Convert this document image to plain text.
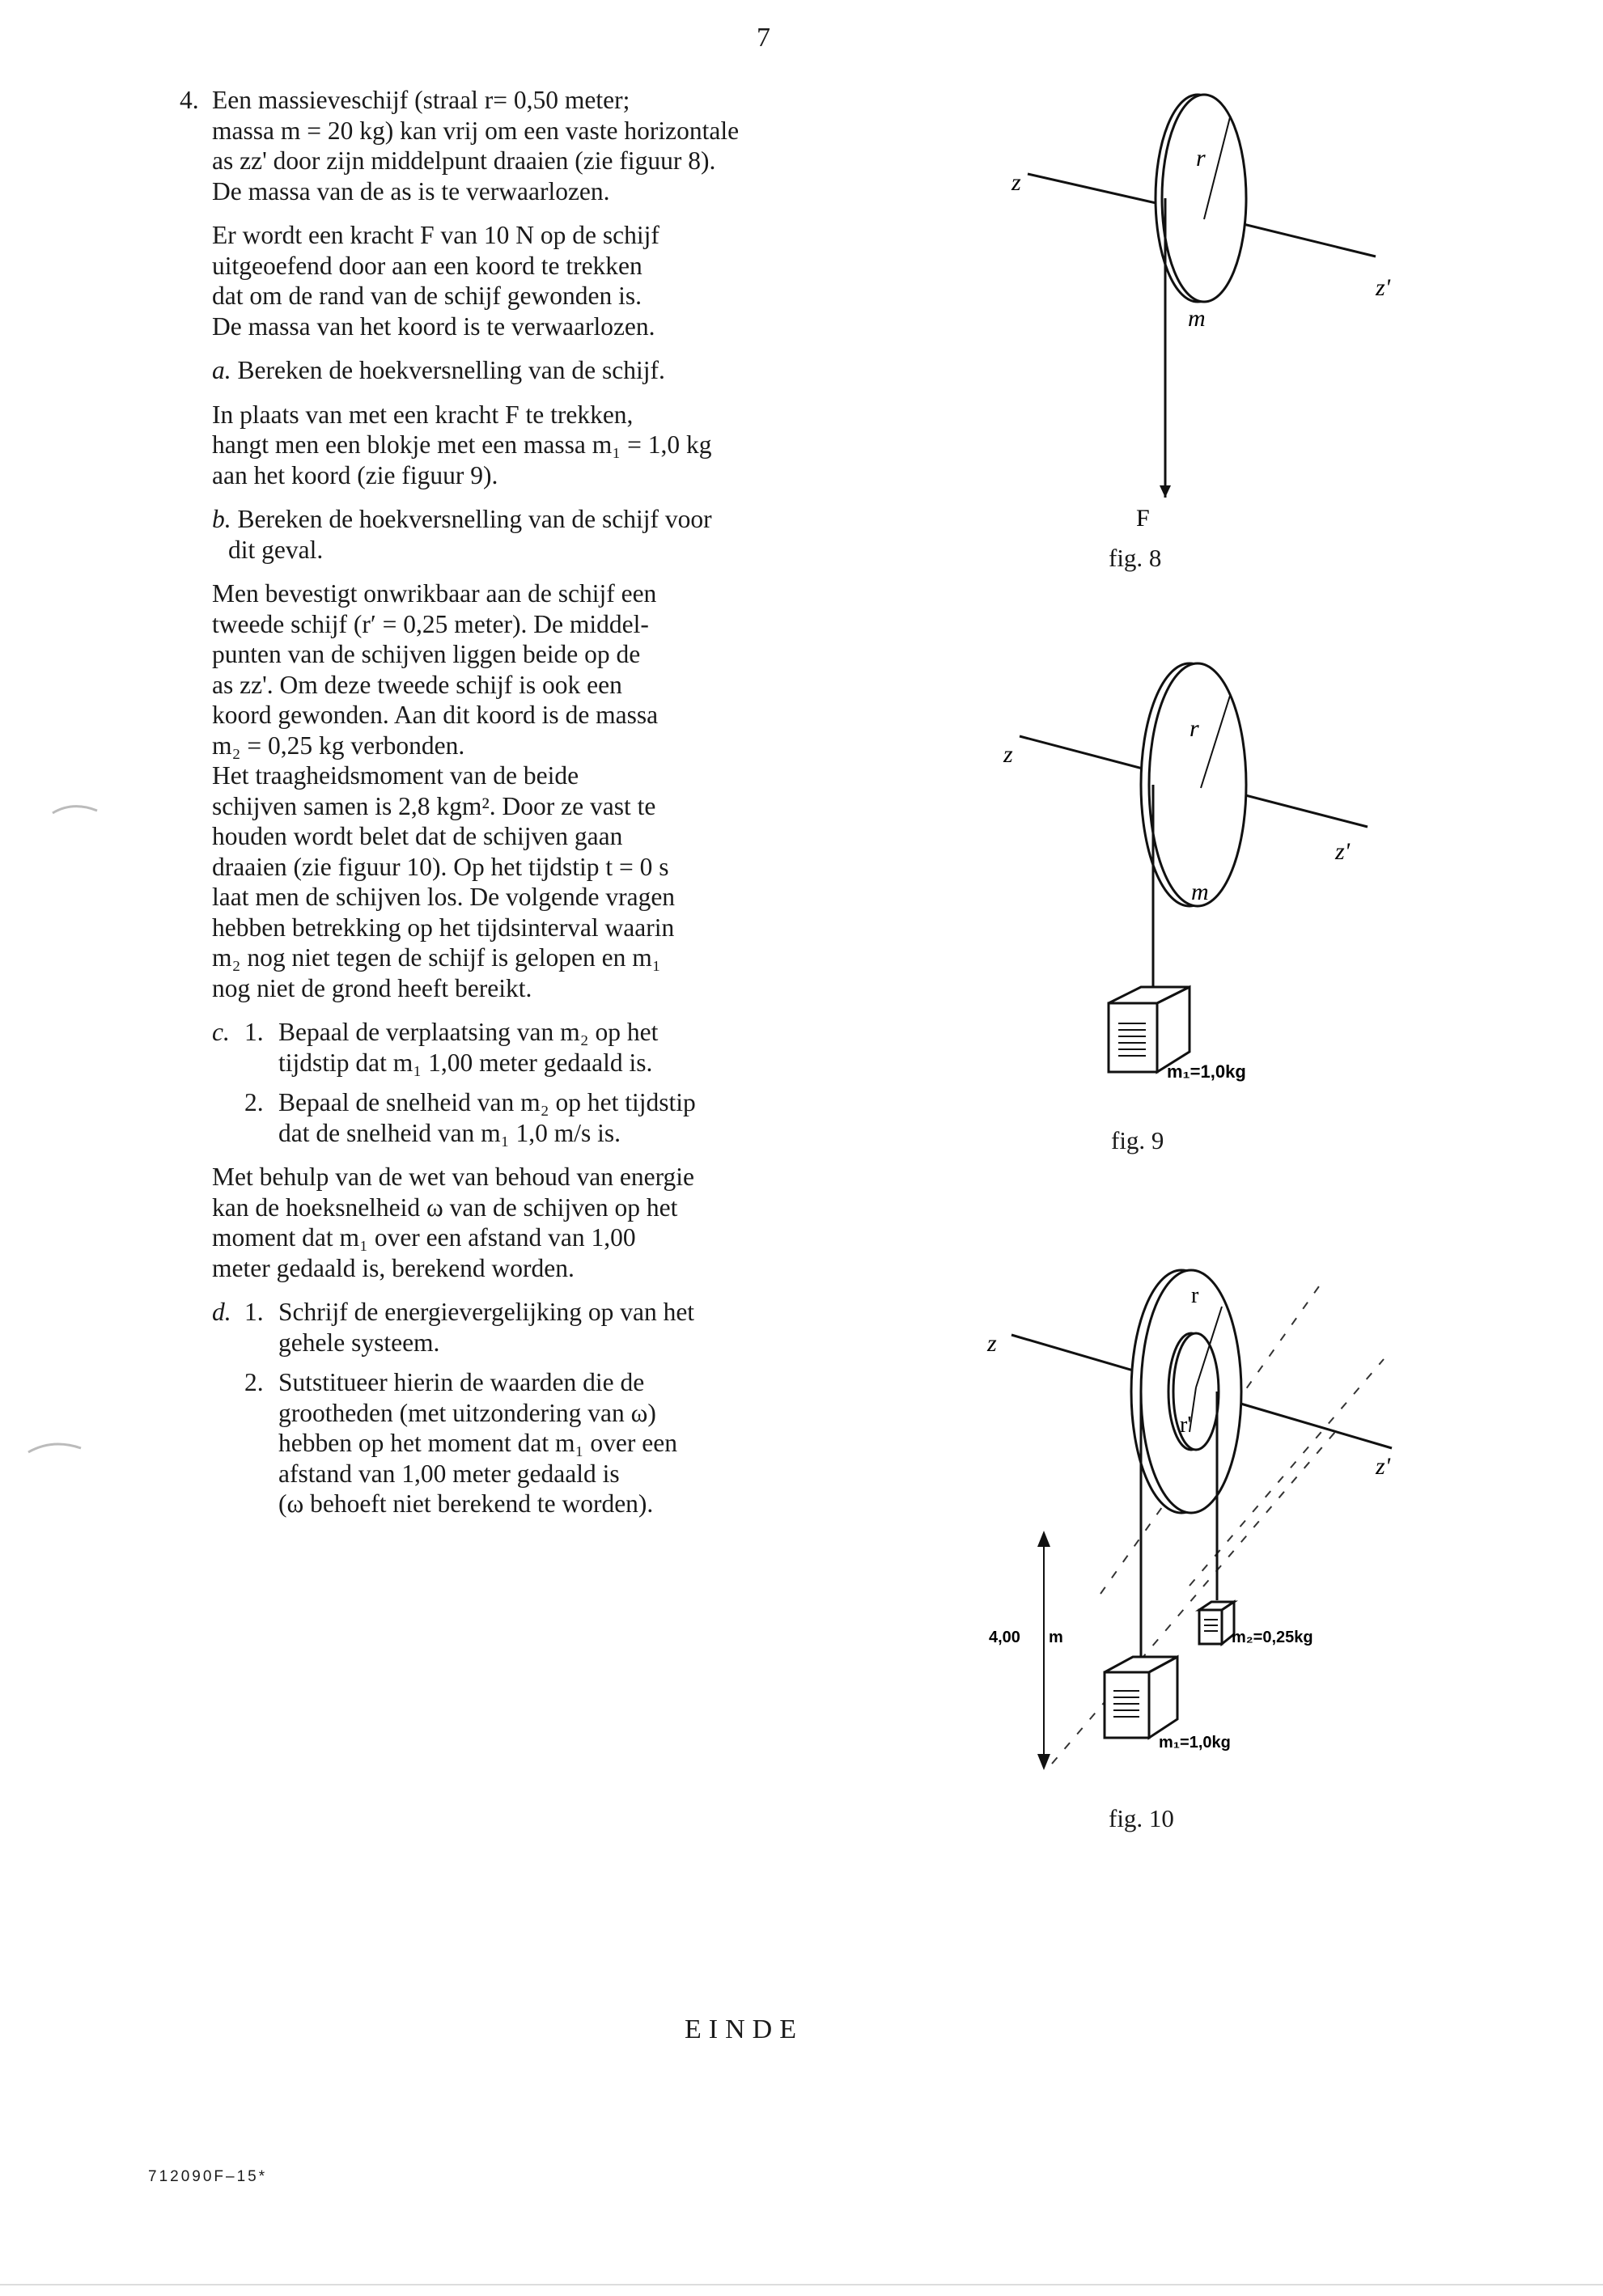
7
4. Een massieveschijf (straal r= 0,50 meter;
massa m = 20 kg) kan vrij om een vaste horizontale
as zz' door zijn middelpunt draaien (zie figuur 8).
De massa van de as is te verwaarlozen.
Er wordt een kracht F van 10 N op de schijf
uitgeoefend door aan een koord te trekken
dat om de rand van de schijf gewonden is.
De massa van het koord is te verwaarlozen.
a. Bereken de hoekversnelling van de schijf.
In plaats van met een kracht F te trekken,
hangt men een blokje met een massa m₁ = 1,0 kg
aan het koord (zie figuur 9).
b. Bereken de hoekversnelling van de schijf voor
dit geval.
Men bevestigt onwrikbaar aan de schijf een
tweede schijf (r′ = 0,25 meter). De middel-
punten van de schijven liggen beide op de
as zz'. Om deze tweede schijf is ook een
koord gewonden. Aan dit koord is de massa
m₂ = 0,25 kg verbonden.
Het traagheidsmoment van de beide
schijven samen is 2,8 kgm². Door ze vast te
houden wordt belet dat de schijven gaan
draaien (zie figuur 10). Op het tijdstip t = 0 s
laat men de schijven los. De volgende vragen
hebben betrekking op het tijdsinterval waarin
m₂ nog niet tegen de schijf is gelopen en m₁
nog niet de grond heeft bereikt.
c. 1. Bepaal de verplaatsing van m₂ op het
tijdstip dat m₁ 1,00 meter gedaald is.
2. Bepaal de snelheid van m₂ op het tijdstip
dat de snelheid van m₁ 1,0 m/s is.
Met behulp van de wet van behoud van energie
kan de hoeksnelheid ω van de schijven op het
moment dat m₁ over een afstand van 1,00
meter gedaald is, berekend worden.
d. 1. Schrijf de energievergelijking op van het
gehele systeem.
2. Sutstitueer hierin de waarden die de
grootheden (met uitzondering van ω)
hebben op het moment dat m₁ over een
afstand van 1,00 meter gedaald is
(ω behoeft niet berekend te worden).
z
z'
r
m
F
fig. 8
z
z'
r
m
m₁=1,0kg
fig. 9
z
z'
r
r'
4,00 m	m₂=0,25kg
m₁=1,0kg
fig. 10
EINDE
712090F–15*
